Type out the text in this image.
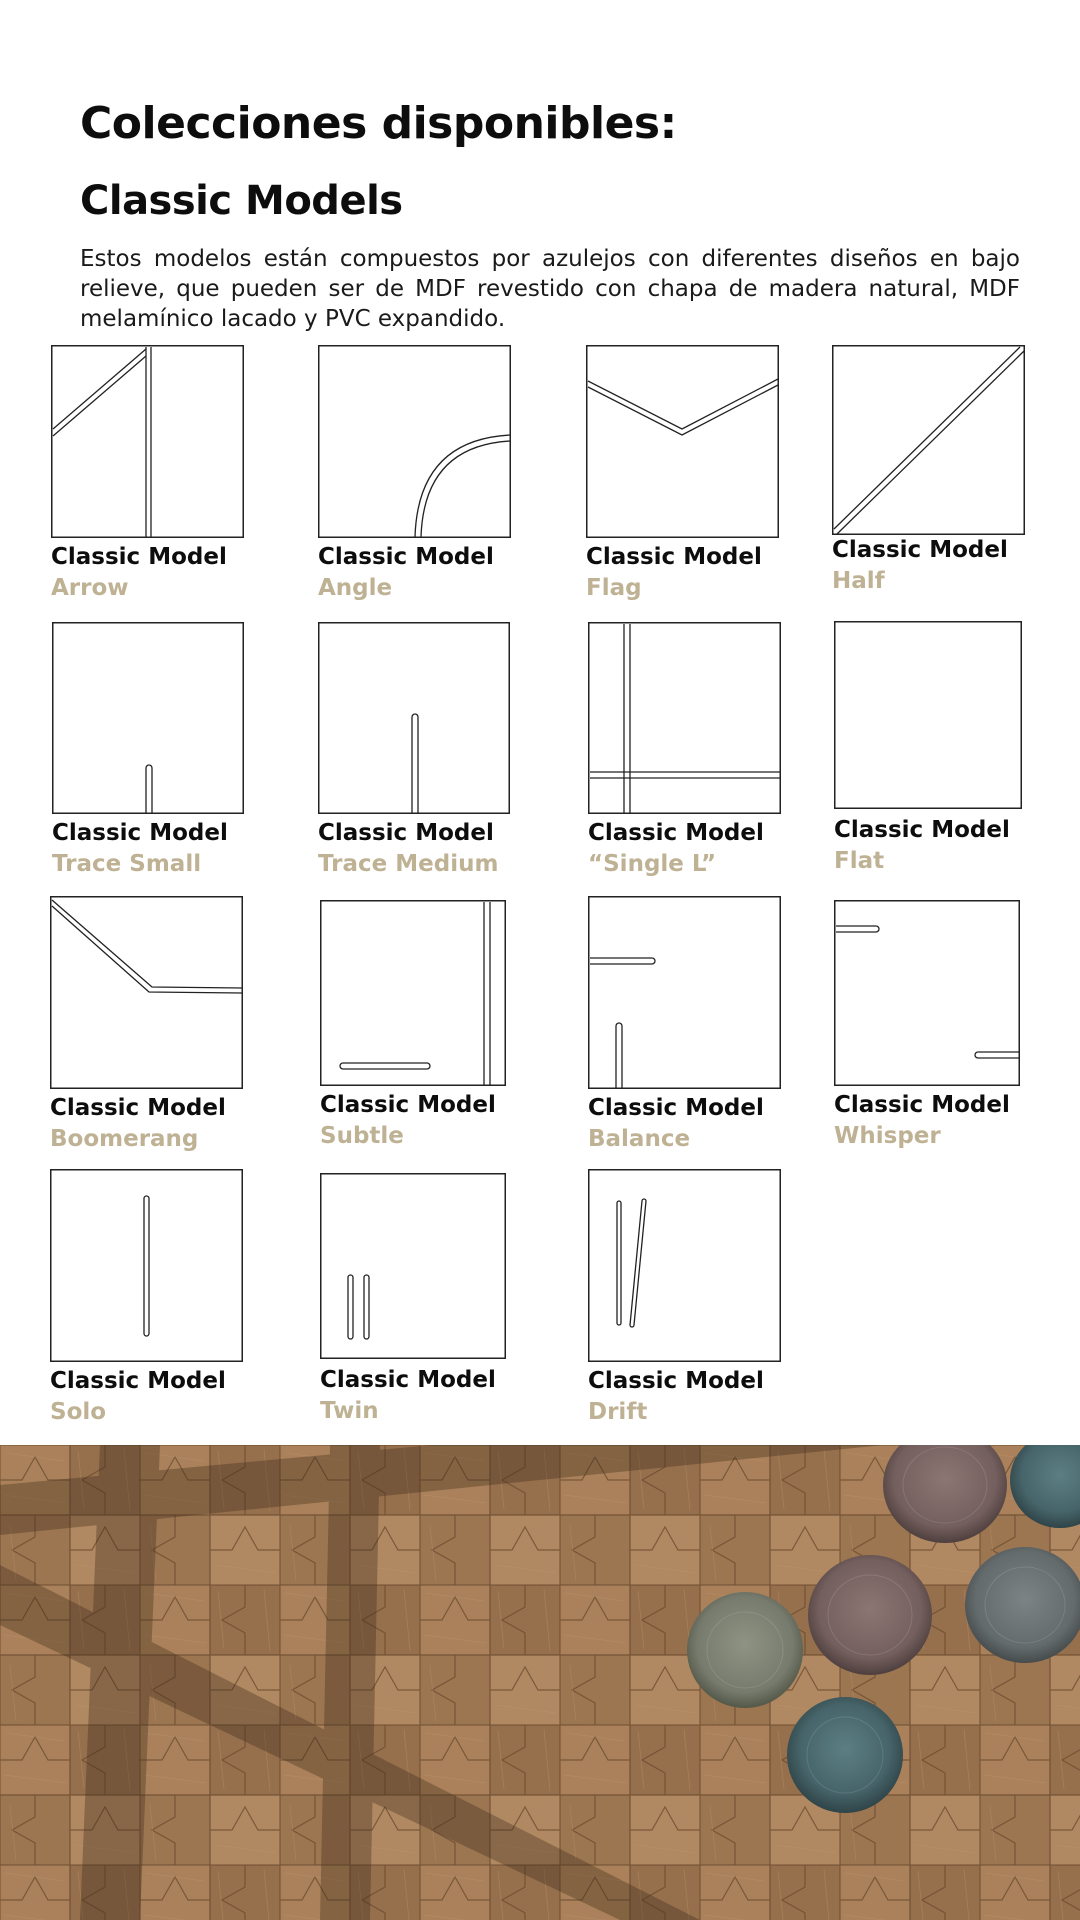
Colecciones disponibles:
Classic Models

Estos modelos están compuestos por azulejos con diferentes diseños en bajo relieve, que pueden ser de MDF revestido con chapa de madera natural, MDF melamínico lacado y PVC expandido.

Classic Model
Arrow
Classic Model
Angle
Classic Model
Flag
Classic Model
Half
Classic Model
Trace Small
Classic Model
Trace Medium
Classic Model
“Single L”
Classic Model
Flat
Classic Model
Boomerang
Classic Model
Subtle
Classic Model
Balance
Classic Model
Whisper
Classic Model
Solo
Classic Model
Twin
Classic Model
Drift
